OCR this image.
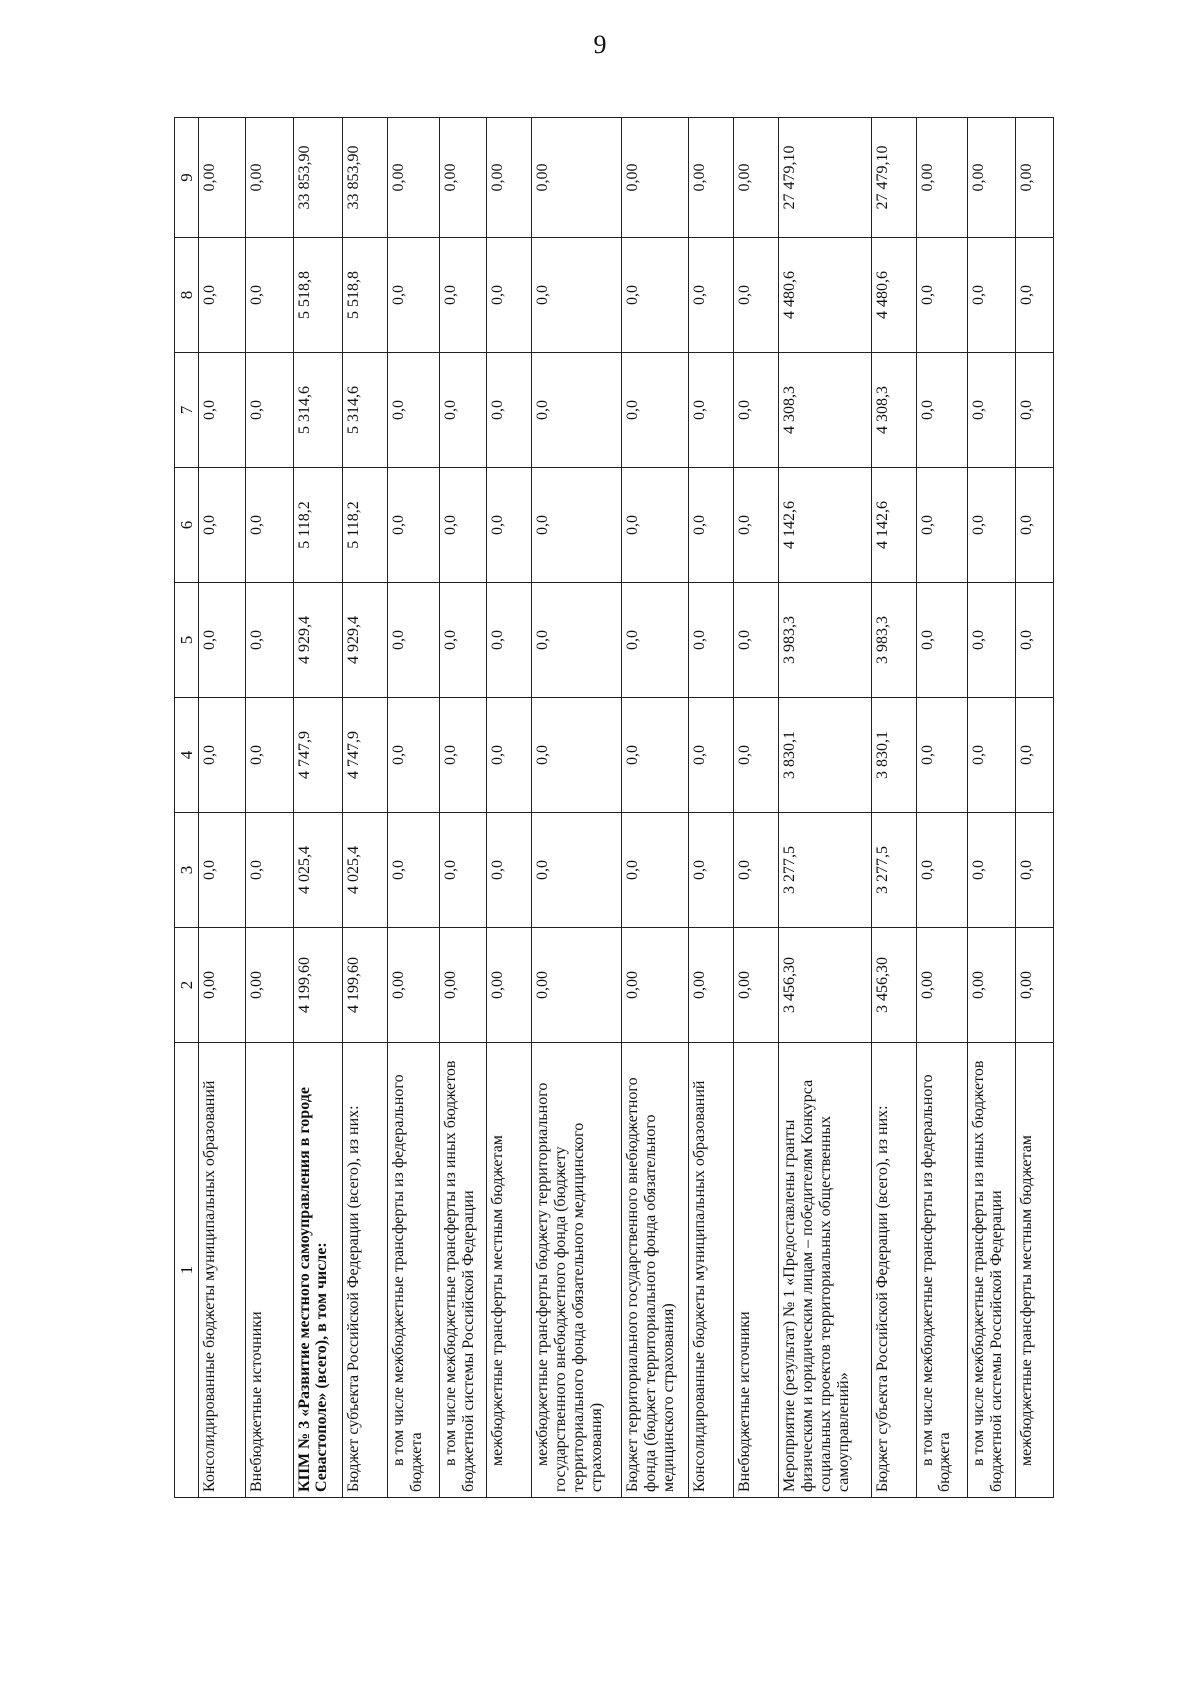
9
1	2	3	4	5	6	7	8	9
Консолидированные бюджеты муниципальных образований	0,00	0,0	0,0	0,0	0,0	0,0	0,0	0,00
Внебюджетные источники	0,00	0,0	0,0	0,0	0,0	0,0	0,0	0,00
КПМ № 3 «Развитие местного самоуправления в городе Севастополе» (всего), в том числе:	4 199,60	4 025,4	4 747,9	4 929,4	5 118,2	5 314,6	5 518,8	33 853,90
Бюджет субъекта Российской Федерации (всего), из них:	4 199,60	4 025,4	4 747,9	4 929,4	5 118,2	5 314,6	5 518,8	33 853,90
в том числе межбюджетные трансферты из федерального бюджета	0,00	0,0	0,0	0,0	0,0	0,0	0,0	0,00
в том числе межбюджетные трансферты из иных бюджетов бюджетной системы Российской Федерации	0,00	0,0	0,0	0,0	0,0	0,0	0,0	0,00
межбюджетные трансферты местным бюджетам	0,00	0,0	0,0	0,0	0,0	0,0	0,0	0,00
межбюджетные трансферты бюджету территориального государственного внебюджетного фонда (бюджету территориального фонда обязательного медицинского страхования)	0,00	0,0	0,0	0,0	0,0	0,0	0,0	0,00
Бюджет территориального государственного внебюджетного фонда (бюджет территориального фонда обязательного медицинского страхования)	0,00	0,0	0,0	0,0	0,0	0,0	0,0	0,00
Консолидированные бюджеты муниципальных образований	0,00	0,0	0,0	0,0	0,0	0,0	0,0	0,00
Внебюджетные источники	0,00	0,0	0,0	0,0	0,0	0,0	0,0	0,00
Мероприятие (результат) № 1 «Предоставлены гранты физическим и юридическим лицам – победителям Конкурса социальных проектов территориальных общественных самоуправлений»	3 456,30	3 277,5	3 830,1	3 983,3	4 142,6	4 308,3	4 480,6	27 479,10
Бюджет субъекта Российской Федерации (всего), из них:	3 456,30	3 277,5	3 830,1	3 983,3	4 142,6	4 308,3	4 480,6	27 479,10
в том числе межбюджетные трансферты из федерального бюджета	0,00	0,0	0,0	0,0	0,0	0,0	0,0	0,00
в том числе межбюджетные трансферты из иных бюджетов бюджетной системы Российской Федерации	0,00	0,0	0,0	0,0	0,0	0,0	0,0	0,00
межбюджетные трансферты местным бюджетам	0,00	0,0	0,0	0,0	0,0	0,0	0,0	0,00
